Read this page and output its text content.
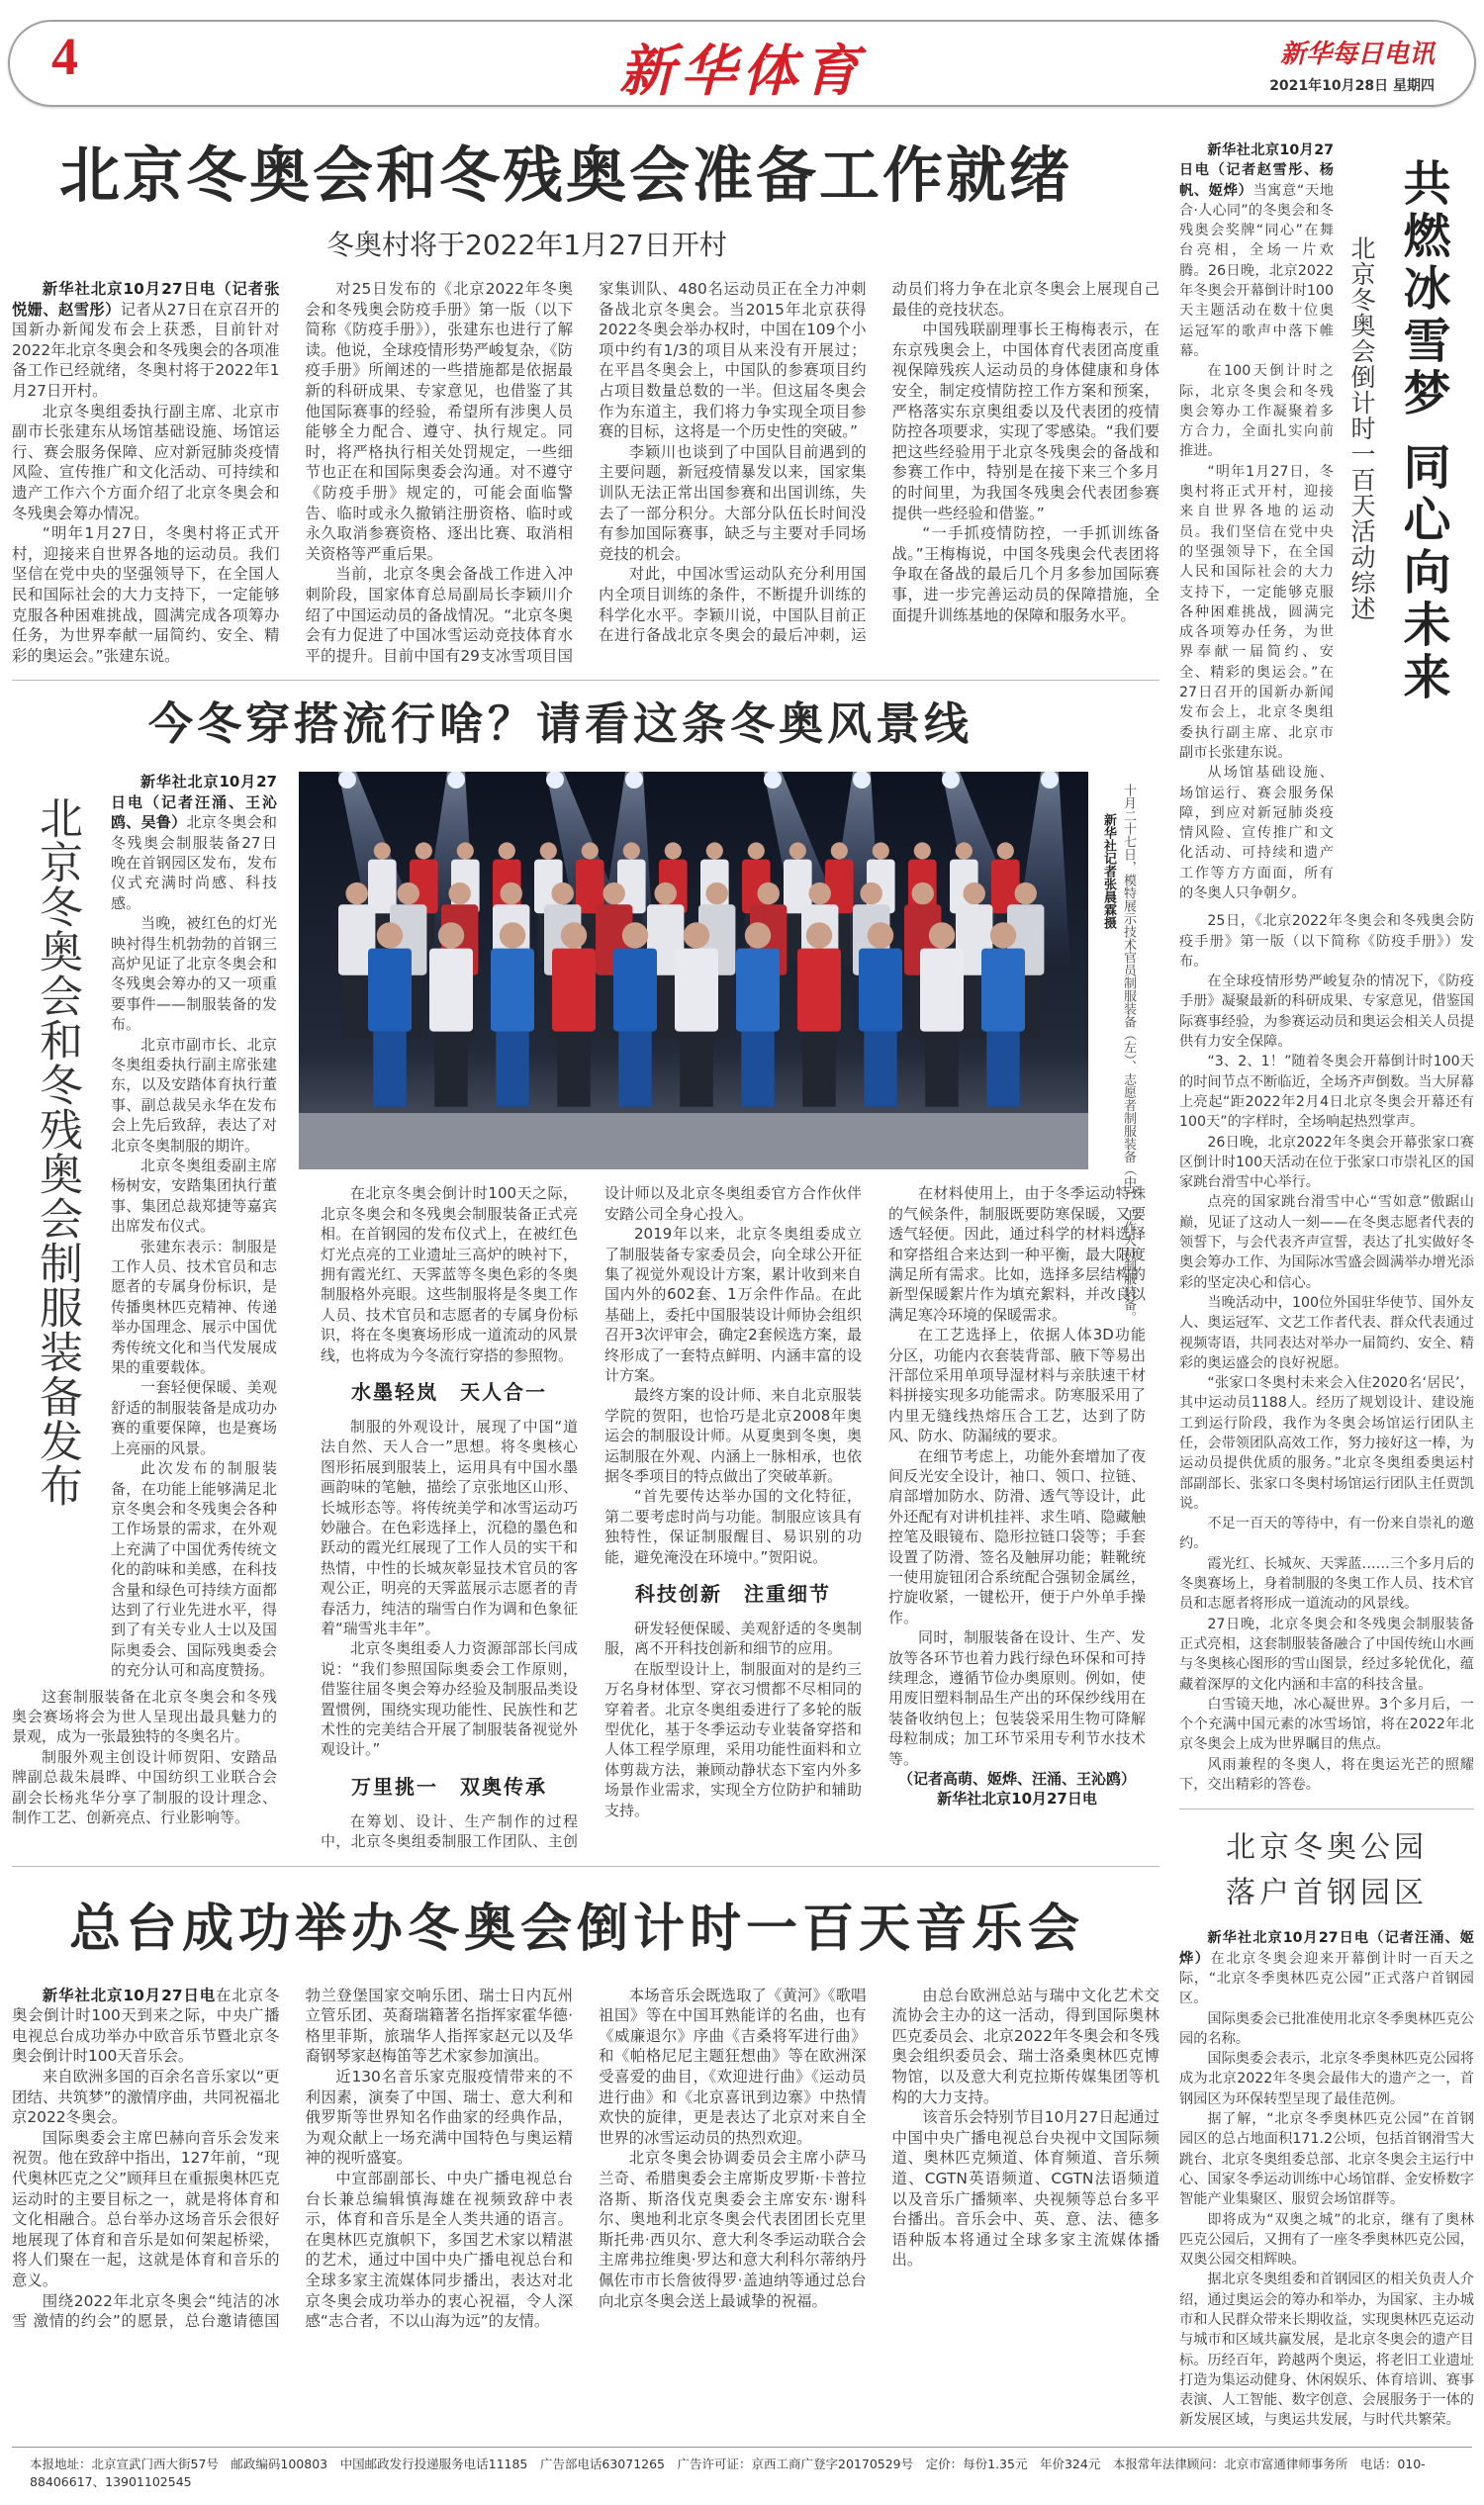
4	新华体育	新华每日电讯
2021年10月28日 星期四
北京冬奥会和冬残奥会准备工作就绪
冬奥村将于2022年1月27日开村

新华社北京10月27日电（记者张悦姗、赵雪彤）记者从27日在京召开的国新办新闻发布会上获悉，目前针对2022年北京冬奥会和冬残奥会的各项准备工作已经就绪，冬奥村将于2022年1月27日开村。

北京冬奥组委执行副主席、北京市副市长张建东从场馆基础设施、场馆运行、赛会服务保障、应对新冠肺炎疫情风险、宣传推广和文化活动、可持续和遗产工作六个方面介绍了北京冬奥会和冬残奥会筹办情况。

“明年1月27日，冬奥村将正式开村，迎接来自世界各地的运动员。我们坚信在党中央的坚强领导下，在全国人民和国际社会的大力支持下，一定能够克服各种困难挑战，圆满完成各项筹办任务，为世界奉献一届简约、安全、精彩的奥运会。”张建东说。

对25日发布的《北京2022年冬奥会和冬残奥会防疫手册》第一版（以下简称《防疫手册》），张建东也进行了解读。他说，全球疫情形势严峻复杂，《防疫手册》所阐述的一些措施都是依据最新的科研成果、专家意见，也借鉴了其他国际赛事的经验，希望所有涉奥人员能够全力配合、遵守、执行规定。同时，将严格执行相关处罚规定，一些细节也正在和国际奥委会沟通。对不遵守《防疫手册》规定的，可能会面临警告、临时或永久撤销注册资格、临时或永久取消参赛资格、逐出比赛、取消相关资格等严重后果。

当前，北京冬奥会备战工作进入冲刺阶段，国家体育总局副局长李颖川介绍了中国运动员的备战情况。“北京冬奥会有力促进了中国冰雪运动竞技体育水平的提升。目前中国有29支冰雪项目国家集训队、480名运动员正在全力冲刺备战北京冬奥会。当2015年北京获得2022冬奥会举办权时，中国在109个小项中约有1/3的项目从来没有开展过；在平昌冬奥会上，中国队的参赛项目约占项目数量总数的一半。但这届冬奥会作为东道主，我们将力争实现全项目参赛的目标，这将是一个历史性的突破。”

李颖川也谈到了中国队目前遇到的主要问题，新冠疫情暴发以来，国家集训队无法正常出国参赛和出国训练，失去了一部分积分。大部分队伍长时间没有参加国际赛事，缺乏与主要对手同场竞技的机会。

对此，中国冰雪运动队充分利用国内全项目训练的条件，不断提升训练的科学化水平。李颖川说，中国队目前正在进行备战北京冬奥会的最后冲刺，运动员们将力争在北京冬奥会上展现自己最佳的竞技状态。

中国残联副理事长王梅梅表示，在东京残奥会上，中国体育代表团高度重视保障残疾人运动员的身体健康和身体安全，制定疫情防控工作方案和预案，严格落实东京奥组委以及代表团的疫情防控各项要求，实现了零感染。“我们要把这些经验用于北京冬残奥会的备战和参赛工作中，特别是在接下来三个多月的时间里，为我国冬残奥会代表团参赛提供一些经验和借鉴。”

“一手抓疫情防控，一手抓训练备战。”王梅梅说，中国冬残奥会代表团将争取在备战的最后几个月多参加国际赛事，进一步完善运动员的保障措施，全面提升训练基地的保障和服务水平。

今冬穿搭流行啥？请看这条冬奥风景线
北京冬奥会和冬残奥会制服装备发布

新华社北京10月27日电（记者汪涌、王沁鸥、吴鲁）北京冬奥会和冬残奥会制服装备27日晚在首钢园区发布，发布仪式充满时尚感、科技感。

当晚，被红色的灯光映衬得生机勃勃的首钢三高炉见证了北京冬奥会和冬残奥会筹办的又一项重要事件——制服装备的发布。

北京市副市长、北京冬奥组委执行副主席张建东，以及安踏体育执行董事、副总裁吴永华在发布会上先后致辞，表达了对北京冬奥制服的期许。

北京冬奥组委副主席杨树安，安踏集团执行董事、集团总裁郑捷等嘉宾出席发布仪式。

张建东表示：制服是工作人员、技术官员和志愿者的专属身份标识，是传播奥林匹克精神、传递举办国理念、展示中国优秀传统文化和当代发展成果的重要载体。

一套轻便保暖、美观舒适的制服装备是成功办赛的重要保障，也是赛场上亮丽的风景。

此次发布的制服装备，在功能上能够满足北京冬奥会和冬残奥会各种工作场景的需求，在外观上充满了中国优秀传统文化的韵味和美感，在科技含量和绿色可持续方面都达到了行业先进水平，得到了有关专业人士以及国际奥委会、国际残奥委会的充分认可和高度赞扬。

这套制服装备在北京冬奥会和冬残奥会赛场将会为世人呈现出最具魅力的景观，成为一张最独特的冬奥名片。

制服外观主创设计师贺阳、安踏品牌副总裁朱晨晔、中国纺织工业联合会副会长杨兆华分享了制服的设计理念、制作工艺、创新亮点、行业影响等。

十月二十七日，模特展示技术官员制服装备（左）、志愿者制服装备（中）、工作人员制服装备。
新华社记者张晨霖摄

在北京冬奥会倒计时100天之际，北京冬奥会和冬残奥会制服装备正式亮相。在首钢园的发布仪式上，在被红色灯光点亮的工业遗址三高炉的映衬下，拥有霞光红、天霁蓝等冬奥色彩的冬奥制服格外亮眼。这些制服将是冬奥工作人员、技术官员和志愿者的专属身份标识，将在冬奥赛场形成一道流动的风景线，也将成为今冬流行穿搭的参照物。

水墨轻岚　天人合一

制服的外观设计，展现了中国“道法自然、天人合一”思想。将冬奥核心图形拓展到服装上，运用具有中国水墨画韵味的笔触，描绘了京张地区山形、长城形态等。将传统美学和冰雪运动巧妙融合。在色彩选择上，沉稳的墨色和跃动的霞光红展现了工作人员的实干和热情，中性的长城灰彰显技术官员的客观公正，明亮的天霁蓝展示志愿者的青春活力，纯洁的瑞雪白作为调和色象征着“瑞雪兆丰年”。

北京冬奥组委人力资源部部长闫成说：“我们参照国际奥委会工作原则，借鉴往届冬奥会筹办经验及制服品类设置惯例，围绕实现功能性、民族性和艺术性的完美结合开展了制服装备视觉外观设计。”

万里挑一　双奥传承

在筹划、设计、生产制作的过程中，北京冬奥组委制服工作团队、主创设计师以及北京冬奥组委官方合作伙伴安踏公司全身心投入。

2019年以来，北京冬奥组委成立了制服装备专家委员会，向全球公开征集了视觉外观设计方案，累计收到来自国内外的602套、1万余件作品。在此基础上，委托中国服装设计师协会组织召开3次评审会，确定2套候选方案，最终形成了一套特点鲜明、内涵丰富的设计方案。

最终方案的设计师、来自北京服装学院的贺阳，也恰巧是北京2008年奥运会的制服设计师。从夏奥到冬奥，奥运制服在外观、内涵上一脉相承，也依据冬季项目的特点做出了突破革新。

“首先要传达举办国的文化特征，第二要考虑时尚与功能。制服应该具有独特性，保证制服醒目、易识别的功能，避免淹没在环境中。”贺阳说。

科技创新　注重细节

研发轻便保暖、美观舒适的冬奥制服，离不开科技创新和细节的应用。

在版型设计上，制服面对的是约三万名身材体型、穿衣习惯都不尽相同的穿着者。北京冬奥组委进行了多轮的版型优化，基于冬季运动专业装备穿搭和人体工程学原理，采用功能性面料和立体剪裁方法，兼顾动静状态下室内外多场景作业需求，实现全方位防护和辅助支持。

在材料使用上，由于冬季运动特殊的气候条件，制服既要防寒保暖，又要透气轻便。因此，通过科学的材料选择和穿搭组合来达到一种平衡，最大限度满足所有需求。比如，选择多层结构的新型保暖絮片作为填充絮料，并改良以满足寒冷环境的保暖需求。

在工艺选择上，依据人体3D功能分区，功能内衣套装背部、腋下等易出汗部位采用单项导湿材料与亲肤速干材料拼接实现多功能需求。防寒服采用了内里无缝线热熔压合工艺，达到了防风、防水、防漏绒的要求。

在细节考虑上，功能外套增加了夜间反光安全设计，袖口、领口、拉链、肩部增加防水、防滑、透气等设计，此外还配有对讲机挂袢、求生哨、隐藏触控笔及眼镜布、隐形拉链口袋等；手套设置了防滑、签名及触屏功能；鞋靴统一使用旋钮闭合系统配合强韧金属丝，拧旋收紧，一键松开，便于户外单手操作。

同时，制服装备在设计、生产、发放等各环节也着力践行绿色环保和可持续理念，遵循节俭办奥原则。例如，使用废旧塑料制品生产出的环保纱线用在装备收纳包上；包装袋采用生物可降解母粒制成；加工环节采用专利节水技术等。

（记者高萌、姬烨、汪涌、王沁鸥）

新华社北京10月27日电

总台成功举办冬奥会倒计时一百天音乐会

新华社北京10月27日电在北京冬奥会倒计时100天到来之际，中央广播电视总台成功举办中欧音乐节暨北京冬奥会倒计时100天音乐会。

来自欧洲多国的百余名音乐家以“更团结、共筑梦”的激情序曲，共同祝福北京2022冬奥会。

国际奥委会主席巴赫向音乐会发来祝贺。他在致辞中指出，127年前，“现代奥林匹克之父”顾拜旦在重振奥林匹克运动时的主要目标之一，就是将体育和文化相融合。总台举办这场音乐会很好地展现了体育和音乐是如何架起桥梁，将人们聚在一起，这就是体育和音乐的意义。

围绕2022年北京冬奥会“纯洁的冰雪 激情的约会”的愿景，总台邀请德国勃兰登堡国家交响乐团、瑞士日内瓦州立管乐团、英裔瑞籍著名指挥家霍华德·格里菲斯，旅瑞华人指挥家赵元以及华裔钢琴家赵梅笛等艺术家参加演出。

近130名音乐家克服疫情带来的不利因素，演奏了中国、瑞士、意大利和俄罗斯等世界知名作曲家的经典作品，为观众献上一场充满中国特色与奥运精神的视听盛宴。

中宣部副部长、中央广播电视总台台长兼总编辑慎海雄在视频致辞中表示，体育和音乐是全人类共通的语言。在奥林匹克旗帜下，多国艺术家以精湛的艺术，通过中国中央广播电视总台和全球多家主流媒体同步播出，表达对北京冬奥会成功举办的衷心祝福，令人深感“志合者，不以山海为远”的友情。

本场音乐会既选取了《黄河》《歌唱祖国》等在中国耳熟能详的名曲，也有《威廉退尔》序曲《吉桑将军进行曲》和《帕格尼尼主题狂想曲》等在欧洲深受喜爱的曲目，《欢迎进行曲》《运动员进行曲》和《北京喜讯到边寨》中热情欢快的旋律，更是表达了北京对来自全世界的冰雪运动员的热烈欢迎。

北京冬奥会协调委员会主席小萨马兰奇、希腊奥委会主席斯皮罗斯·卡普拉洛斯、斯洛伐克奥委会主席安东·谢科尔、奥地利北京冬奥会代表团团长克里斯托弗·西贝尔、意大利冬季运动联合会主席弗拉维奥·罗达和意大利科尔蒂纳丹佩佐市市长詹彼得罗·盖迪纳等通过总台向北京冬奥会送上最诚挚的祝福。

由总台欧洲总站与瑞中文化艺术交流协会主办的这一活动，得到国际奥林匹克委员会、北京2022年冬奥会和冬残奥会组织委员会、瑞士洛桑奥林匹克博物馆，以及意大利克拉斯传媒集团等机构的大力支持。

该音乐会特别节目10月27日起通过中国中央广播电视总台央视中文国际频道、奥林匹克频道、体育频道、音乐频道、CGTN英语频道、CGTN法语频道以及音乐广播频率、央视频等总台多平台播出。音乐会中、英、意、法、德多语种版本将通过全球多家主流媒体播出。

新华社北京10月27日电（记者赵雪彤、杨帆、姬烨）当寓意“天地合·人心同”的冬奥会和冬残奥会奖牌“同心”在舞台亮相，全场一片欢腾。26日晚，北京2022年冬奥会开幕倒计时100天主题活动在数十位奥运冠军的歌声中落下帷幕。

在100天倒计时之际，北京冬奥会和冬残奥会筹办工作凝聚着多方合力，全面扎实向前推进。

“明年1月27日，冬奥村将正式开村，迎接来自世界各地的运动员。我们坚信在党中央的坚强领导下，在全国人民和国际社会的大力支持下，一定能够克服各种困难挑战，圆满完成各项筹办任务，为世界奉献一届简约、安全、精彩的奥运会。”在27日召开的国新办新闻发布会上，北京冬奥组委执行副主席、北京市副市长张建东说。

从场馆基础设施、场馆运行、赛会服务保障，到应对新冠肺炎疫情风险、宣传推广和文化活动、可持续和遗产工作等方方面面，所有的冬奥人只争朝夕。

北京冬奥会倒计时一百天活动综述 共燃冰雪梦 同心向未来

25日，《北京2022年冬奥会和冬残奥会防疫手册》第一版（以下简称《防疫手册》）发布。

在全球疫情形势严峻复杂的情况下，《防疫手册》凝聚最新的科研成果、专家意见，借鉴国际赛事经验，为参赛运动员和奥运会相关人员提供有力安全保障。

“3、2、1！”随着冬奥会开幕倒计时100天的时间节点不断临近，全场齐声倒数。当大屏幕上亮起“距2022年2月4日北京冬奥会开幕还有100天”的字样时，全场响起热烈掌声。

26日晚，北京2022年冬奥会开幕张家口赛区倒计时100天活动在位于张家口市崇礼区的国家跳台滑雪中心举行。

点亮的国家跳台滑雪中心“雪如意”傲踞山巅，见证了这动人一刻——在冬奥志愿者代表的领誓下，与会代表齐声宣誓，表达了扎实做好冬奥会筹办工作、为国际冰雪盛会圆满举办增光添彩的坚定决心和信心。

当晚活动中，100位外国驻华使节、国外友人、奥运冠军、文艺工作者代表、群众代表通过视频寄语，共同表达对举办一届简约、安全、精彩的奥运盛会的良好祝愿。

“张家口冬奥村未来会入住2020名‘居民’，其中运动员1188人。经历了规划设计、建设施工到运行阶段，我作为冬奥会场馆运行团队主任，会带领团队高效工作，努力接好这一棒，为运动员提供优质的服务。”北京冬奥组委奥运村部副部长、张家口冬奥村场馆运行团队主任贾凯说。

不足一百天的等待中，有一份来自崇礼的邀约。

霞光红、长城灰、天霁蓝……三个多月后的冬奥赛场上，身着制服的冬奥工作人员、技术官员和志愿者将形成一道流动的风景线。

27日晚，北京冬奥会和冬残奥会制服装备正式亮相，这套制服装备融合了中国传统山水画与冬奥核心图形的雪山图景，经过多轮优化，蕴藏着深厚的文化内涵和丰富的科技含量。

白雪镜天地，冰心凝世界。3个多月后，一个个充满中国元素的冰雪场馆，将在2022年北京冬奥会上成为世界瞩目的焦点。

风雨兼程的冬奥人，将在奥运光芒的照耀下，交出精彩的答卷。

北京冬奥公园
落户首钢园区

新华社北京10月27日电（记者汪涌、姬烨）在北京冬奥会迎来开幕倒计时一百天之际，“北京冬季奥林匹克公园”正式落户首钢园区。

国际奥委会已批准使用北京冬季奥林匹克公园的名称。

国际奥委会表示，北京冬季奥林匹克公园将成为北京2022年冬奥会最伟大的遗产之一，首钢园区为环保转型呈现了最佳范例。

据了解，“北京冬季奥林匹克公园”在首钢园区的总占地面积171.2公顷，包括首钢滑雪大跳台、北京冬奥组委总部、北京冬奥会主运行中心、国家冬季运动训练中心场馆群、金安桥数字智能产业集聚区、服贸会场馆群等。

即将成为“双奥之城”的北京，继有了奥林匹克公园后，又拥有了一座冬季奥林匹克公园，双奥公园交相辉映。

据北京冬奥组委和首钢园区的相关负责人介绍，通过奥运会的筹办和举办，为国家、主办城市和人民群众带来长期收益，实现奥林匹克运动与城市和区域共赢发展，是北京冬奥会的遗产目标。历经百年，跨越两个奥运，将老旧工业遗址打造为集运动健身、休闲娱乐、体育培训、赛事表演、人工智能、数字创意、会展服务于一体的新发展区域，与奥运共发展，与时代共繁荣。

本报地址：北京宣武门西大街57号　邮政编码100803　中国邮政发行投递服务电话11185　广告部电话63071265　广告许可证：京西工商广登字20170529号　定价：每份1.35元　年价324元　本报常年法律顾问：北京市富通律师事务所　电话：010-88406617、13901102545
